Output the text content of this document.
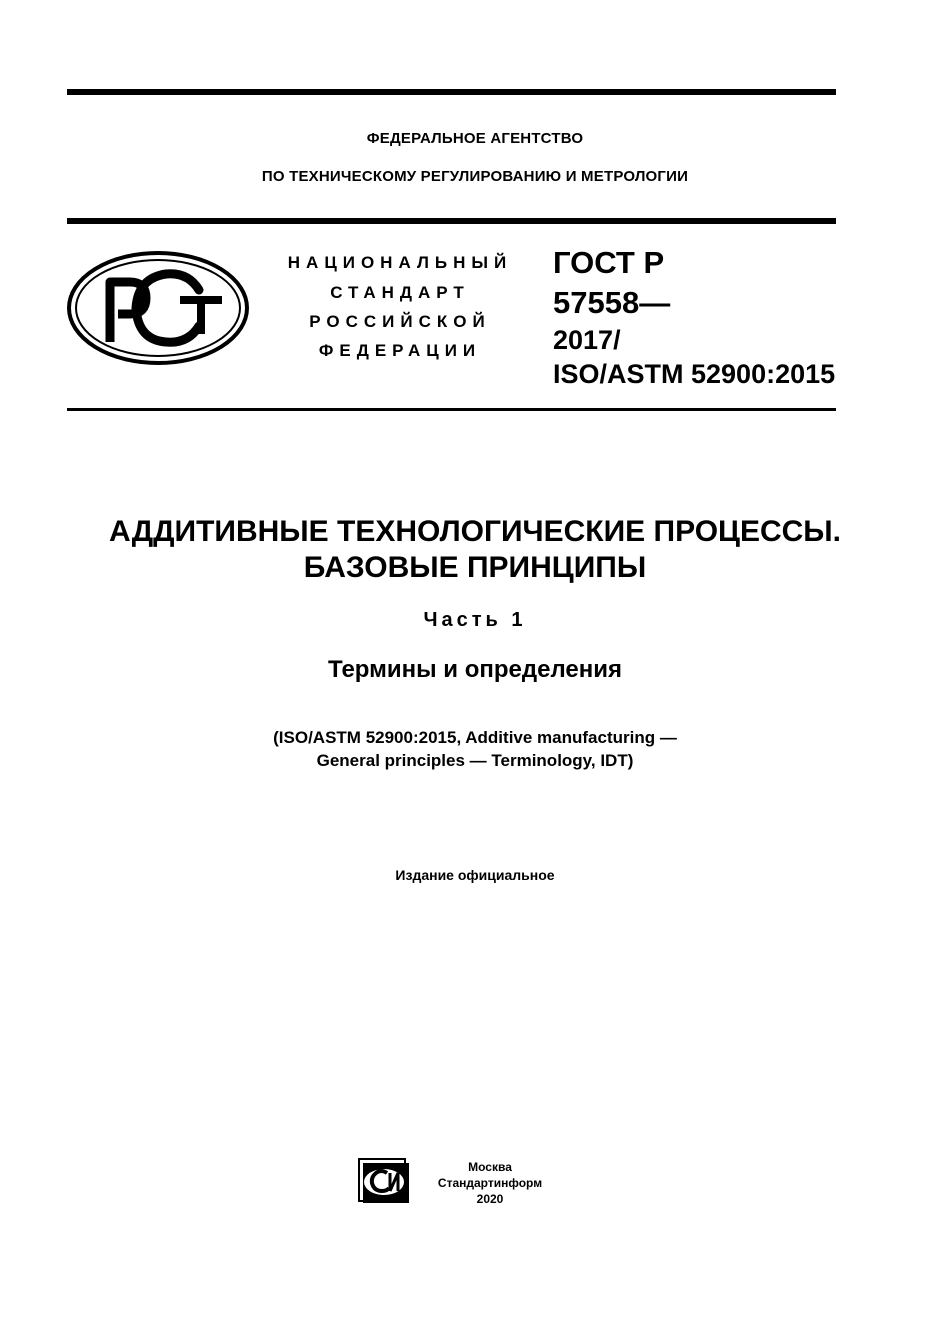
ФЕДЕРАЛЬНОЕ АГЕНТСТВО
ПО ТЕХНИЧЕСКОМУ РЕГУЛИРОВАНИЮ И МЕТРОЛОГИИ
НАЦИОНАЛЬНЫЙ
СТАНДАРТ
РОССИЙСКОЙ
ФЕДЕРАЦИИ
ГОСТ Р
57558—
2017/
ISO/ASTM 52900:2015
АДДИТИВНЫЕ ТЕХНОЛОГИЧЕСКИЕ ПРОЦЕССЫ.
БАЗОВЫЕ ПРИНЦИПЫ
Часть 1
Термины и определения
(ISO/ASTM 52900:2015, Additive manufacturing —
General principles — Terminology, IDT)
Издание официальное
Москва
Стандартинформ
2020
